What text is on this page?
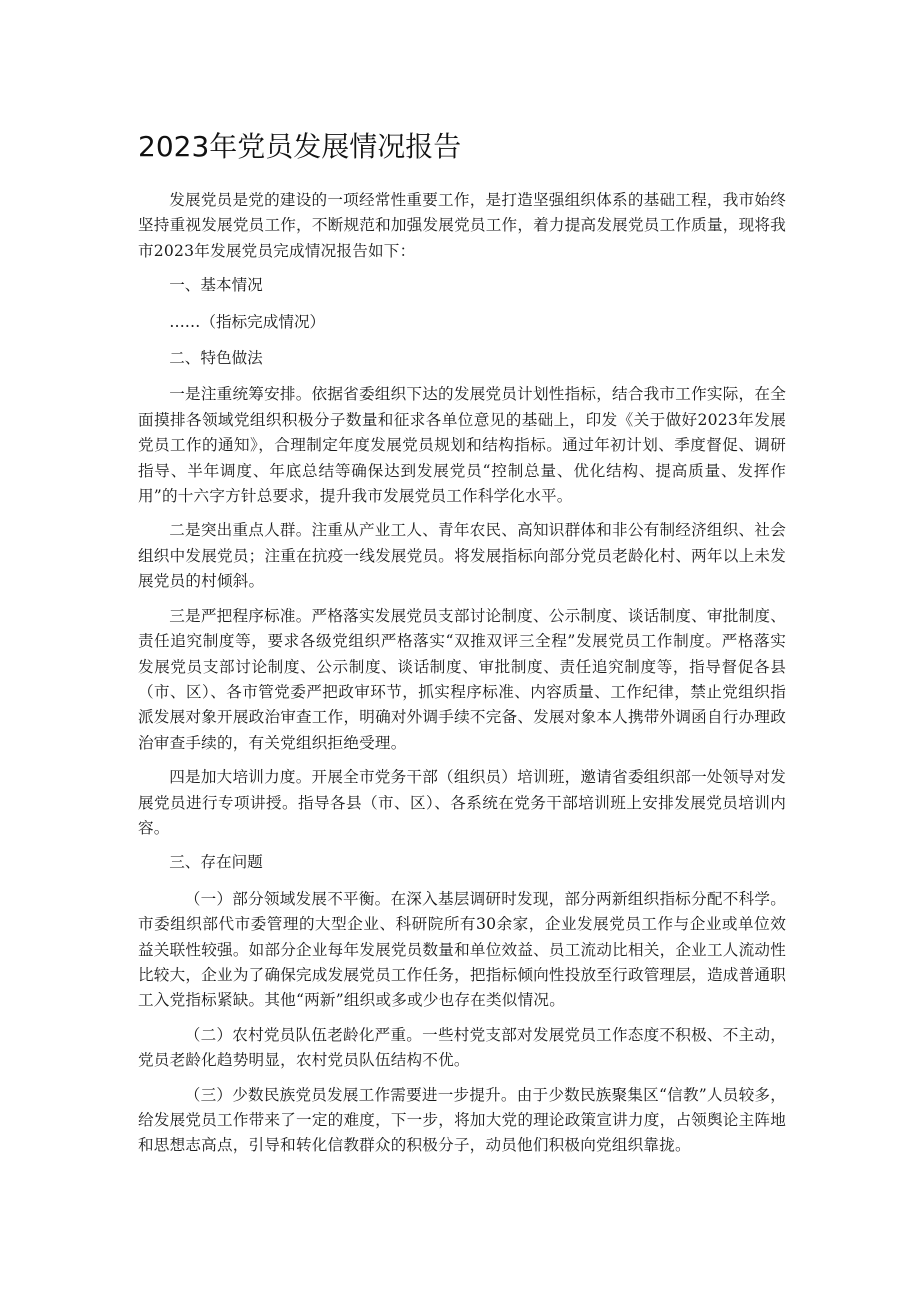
2023年党员发展情况报告

发展党员是党的建设的一项经常性重要工作，是打造坚强组织体系的基础工程，我市始终坚持重视发展党员工作，不断规范和加强发展党员工作，着力提高发展党员工作质量，现将我市2023年发展党员完成情况报告如下：

一、基本情况

……（指标完成情况）

二、特色做法

一是注重统筹安排。依据省委组织下达的发展党员计划性指标，结合我市工作实际，在全面摸排各领域党组织积极分子数量和征求各单位意见的基础上，印发《关于做好2023年发展党员工作的通知》，合理制定年度发展党员规划和结构指标。通过年初计划、季度督促、调研指导、半年调度、年底总结等确保达到发展党员“控制总量、优化结构、提高质量、发挥作用”的十六字方针总要求，提升我市发展党员工作科学化水平。

二是突出重点人群。注重从产业工人、青年农民、高知识群体和非公有制经济组织、社会组织中发展党员；注重在抗疫一线发展党员。将发展指标向部分党员老龄化村、两年以上未发展党员的村倾斜。

三是严把程序标准。严格落实发展党员支部讨论制度、公示制度、谈话制度、审批制度、责任追究制度等，要求各级党组织严格落实“双推双评三全程”发展党员工作制度。严格落实发展党员支部讨论制度、公示制度、谈话制度、审批制度、责任追究制度等，指导督促各县（市、区）、各市管党委严把政审环节，抓实程序标准、内容质量、工作纪律，禁止党组织指派发展对象开展政治审查工作，明确对外调手续不完备、发展对象本人携带外调函自行办理政治审查手续的，有关党组织拒绝受理。

四是加大培训力度。开展全市党务干部（组织员）培训班，邀请省委组织部一处领导对发展党员进行专项讲授。指导各县（市、区）、各系统在党务干部培训班上安排发展党员培训内容。

三、存在问题

（一）部分领域发展不平衡。在深入基层调研时发现，部分两新组织指标分配不科学。市委组织部代市委管理的大型企业、科研院所有30余家，企业发展党员工作与企业或单位效益关联性较强。如部分企业每年发展党员数量和单位效益、员工流动比相关，企业工人流动性比较大，企业为了确保完成发展党员工作任务，把指标倾向性投放至行政管理层，造成普通职工入党指标紧缺。其他“两新”组织或多或少也存在类似情况。

（二）农村党员队伍老龄化严重。一些村党支部对发展党员工作态度不积极、不主动，党员老龄化趋势明显，农村党员队伍结构不优。

（三）少数民族党员发展工作需要进一步提升。由于少数民族聚集区“信教”人员较多，给发展党员工作带来了一定的难度，下一步，将加大党的理论政策宣讲力度，占领舆论主阵地和思想志高点，引导和转化信教群众的积极分子，动员他们积极向党组织靠拢。
